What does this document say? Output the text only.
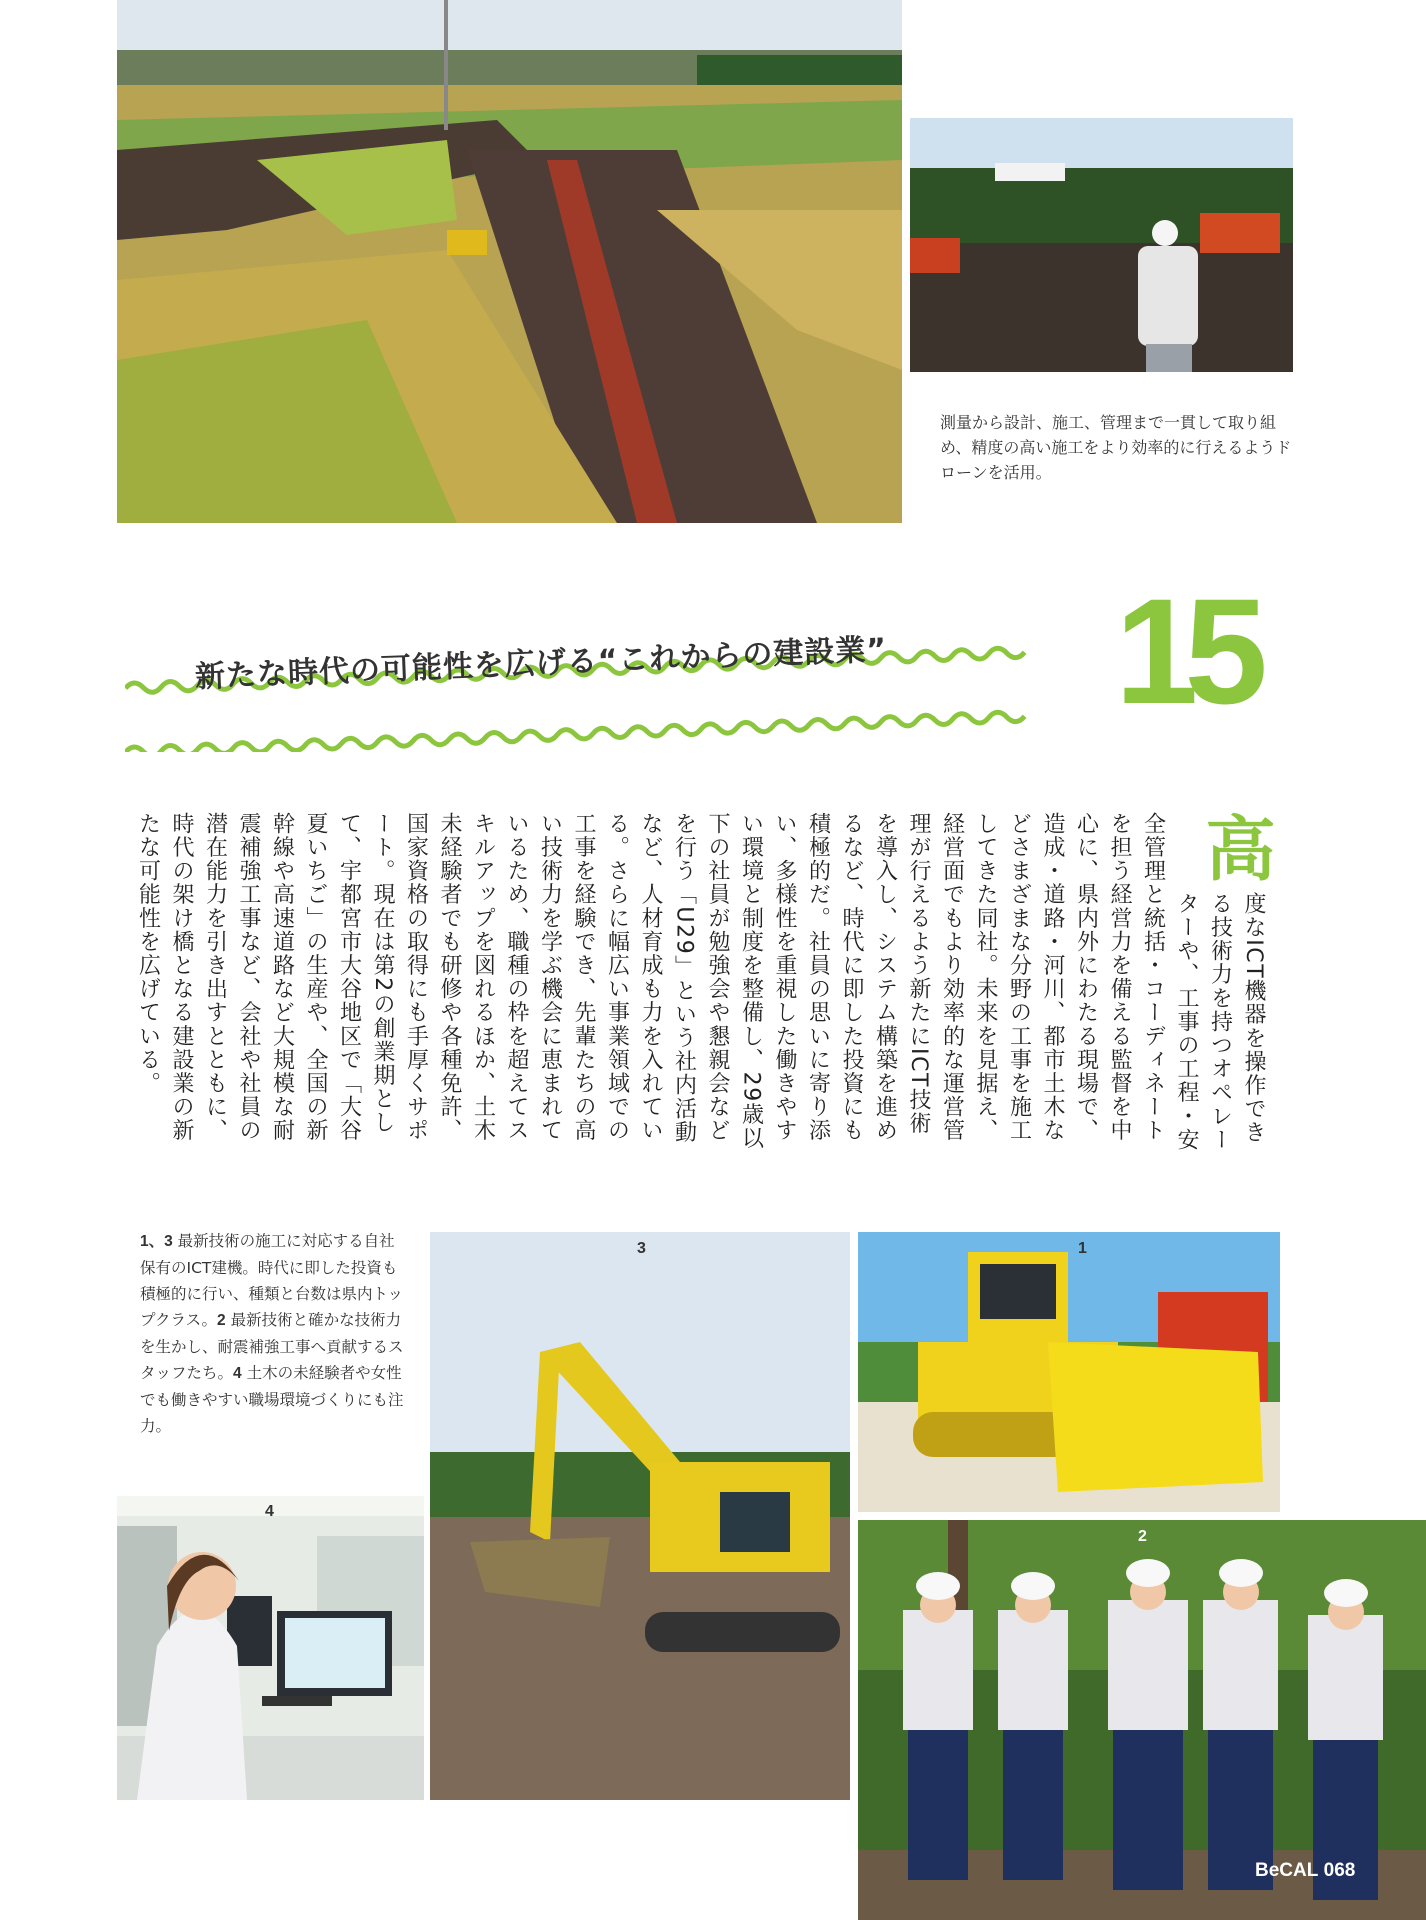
測量から設計、施工、管理まで一貫して取り組め、精度の高い施工をより効率的に行えるようドローンを活用。
新たな時代の可能性を広げる“これからの建設業” 15
高
度なICT機器を操作できる技術力を持つオペレーターや、工事の工程・安全管理と統括・コーディネートを担う経営力を備える監督を中心に、県内外にわたる現場で、造成・道路・河川、都市土木などさまざまな分野の工事を施工してきた同社。未来を見据え、経営面でもより効率的な運営管理が行えるよう新たにICT技術を導入し、システム構築を進めるなど、時代に即した投資にも積極的だ。社員の思いに寄り添い、多様性を重視した働きやすい環境と制度を整備し、29歳以下の社員が勉強会や懇親会などを行う「U29」という社内活動など、人材育成も力を入れている。さらに幅広い事業領域での工事を経験でき、先輩たちの高い技術力を学ぶ機会に恵まれているため、職種の枠を超えてスキルアップを図れるほか、土木未経験者でも研修や各種免許、国家資格の取得にも手厚くサポート。現在は第2の創業期として、宇都宮市大谷地区で「大谷夏いちご」の生産や、全国の新幹線や高速道路など大規模な耐震補強工事など、会社や社員の潜在能力を引き出すとともに、時代の架け橋となる建設業の新たな可能性を広げている。
1、3 最新技術の施工に対応する自社保有のICT建機。時代に即した投資も積極的に行い、種類と台数は県内トップクラス。2 最新技術と確かな技術力を生かし、耐震補強工事へ貢献するスタッフたち。4 土木の未経験者や女性でも働きやすい職場環境づくりにも注力。
3	1
2
4
BeCAL 068
